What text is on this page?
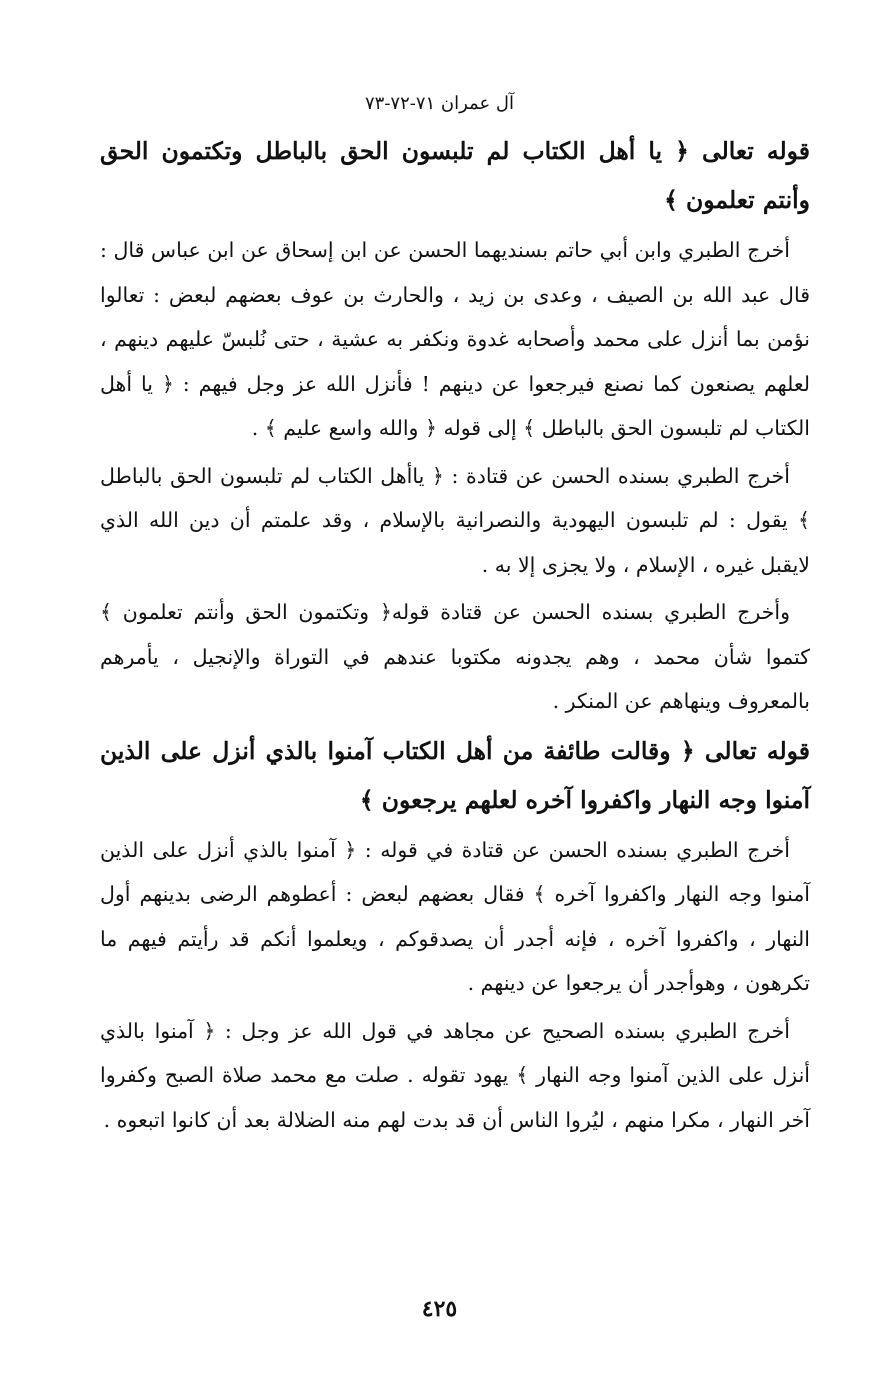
آل عمران ٧١-٧٢-٧٣

قوله تعالى ﴿ يا أهل الكتاب لم تلبسون الحق بالباطل وتكتمون الحق وأنتم تعلمون ﴾

أخرج الطبري وابن أبي حاتم بسنديهما الحسن عن ابن إسحاق عن ابن عباس قال : قال عبد الله بن الصيف ، وعدى بن زيد ، والحارث بن عوف بعضهم لبعض : تعالوا نؤمن بما أنزل على محمد وأصحابه غدوة ونكفر به عشية ، حتى نُلبسّ عليهم دينهم ، لعلهم يصنعون كما نصنع فيرجعوا عن دينهم ! فأنزل الله عز وجل فيهم : ﴿ يا أهل الكتاب لم تلبسون الحق بالباطل ﴾ إلى قوله ﴿ والله واسع عليم ﴾ .

أخرج الطبري بسنده الحسن عن قتادة : ﴿ ياأهل الكتاب لم تلبسون الحق بالباطل ﴾ يقول : لم تلبسون اليهودية والنصرانية بالإسلام ، وقد علمتم أن دين الله الذي لايقبل غيره ، الإسلام ، ولا يجزى إلا به .

وأخرج الطبري بسنده الحسن عن قتادة قوله﴿ وتكتمون الحق وأنتم تعلمون ﴾ كتموا شأن محمد ، وهم يجدونه مكتوبا عندهم في التوراة والإنجيل ، يأمرهم بالمعروف وينهاهم عن المنكر .

قوله تعالى ﴿ وقالت طائفة من أهل الكتاب آمنوا بالذي أنزل على الذين آمنوا وجه النهار واكفروا آخره لعلهم يرجعون ﴾

أخرج الطبري بسنده الحسن عن قتادة في قوله : ﴿ آمنوا بالذي أنزل على الذين آمنوا وجه النهار واكفروا آخره ﴾ فقال بعضهم لبعض : أعطوهم الرضى بدينهم أول النهار ، واكفروا آخره ، فإنه أجدر أن يصدقوكم ، ويعلموا أنكم قد رأيتم فيهم ما تكرهون ، وهوأجدر أن يرجعوا عن دينهم .

أخرج الطبري بسنده الصحيح عن مجاهد في قول الله عز وجل : ﴿ آمنوا بالذي أنزل على الذين آمنوا وجه النهار ﴾ يهود تقوله . صلت مع محمد صلاة الصبح وكفروا آخر النهار ، مكرا منهم ، ليُروا الناس أن قد بدت لهم منه الضلالة بعد أن كانوا اتبعوه .

٤٢٥
